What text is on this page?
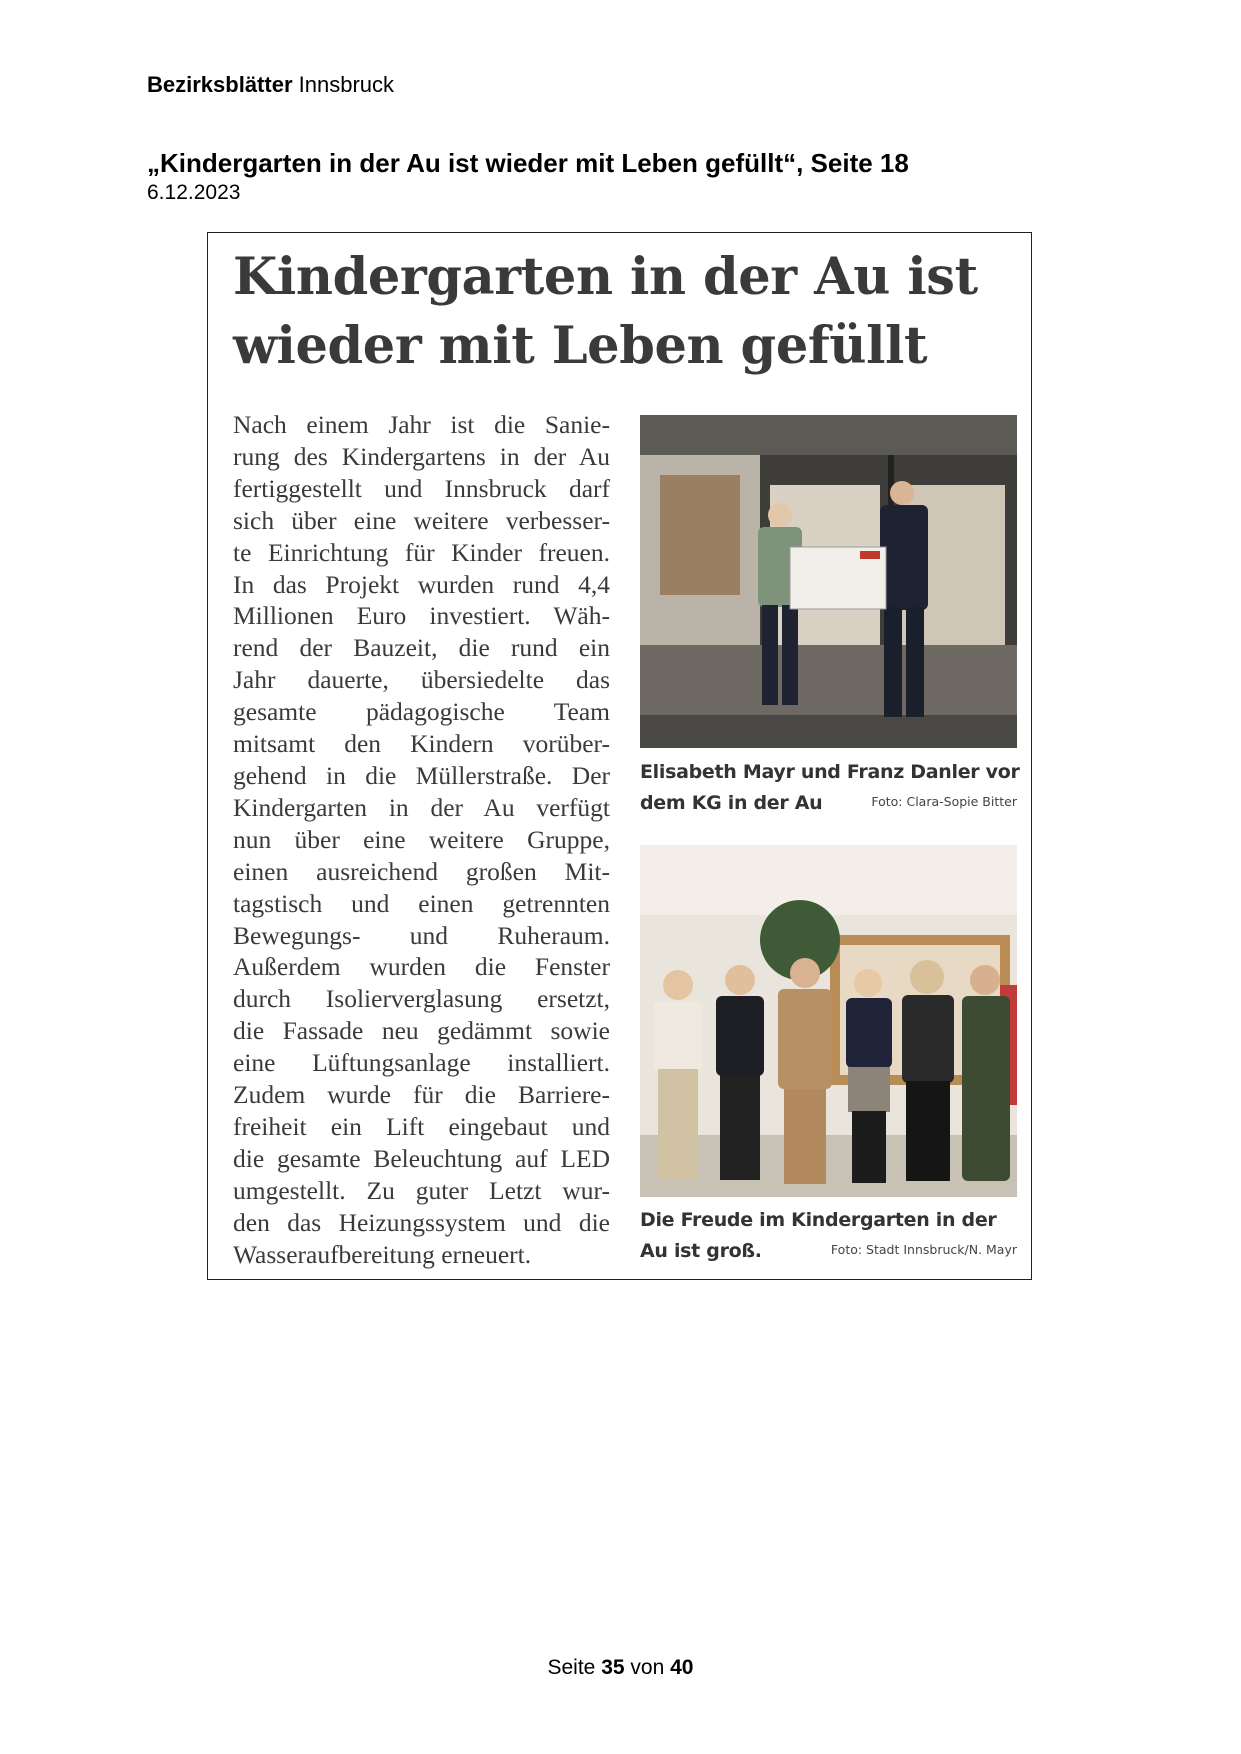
Bezirksblätter Innsbruck
„Kindergarten in der Au ist wieder mit Leben gefüllt“, Seite 18
6.12.2023
Kindergarten in der Au ist
wieder mit Leben gefüllt
Nach einem Jahr ist die Sanie-
rung des Kindergartens in der Au
fertiggestellt und Innsbruck darf
sich über eine weitere verbesser-
te Einrichtung für Kinder freuen.
In das Projekt wurden rund 4,4
Millionen Euro investiert. Wäh-
rend der Bauzeit, die rund ein
Jahr dauerte, übersiedelte das
gesamte pädagogische Team
mitsamt den Kindern vorüber-
gehend in die Müllerstraße. Der
Kindergarten in der Au verfügt
nun über eine weitere Gruppe,
einen ausreichend großen Mit-
tagstisch und einen getrennten
Bewegungs- und Ruheraum.
Außerdem wurden die Fenster
durch Isolierverglasung ersetzt,
die Fassade neu gedämmt sowie
eine Lüftungsanlage installiert.
Zudem wurde für die Barriere-
freiheit ein Lift eingebaut und
die gesamte Beleuchtung auf LED
umgestellt. Zu guter Letzt wur-
den das Heizungssystem und die
Wasseraufbereitung erneuert.
Elisabeth Mayr und Franz Danler vor
dem KG in der Au	Foto: Clara-Sopie Bitter
Die Freude im Kindergarten in der
Au ist groß.	Foto: Stadt Innsbruck/N. Mayr
Seite 35 von 40
